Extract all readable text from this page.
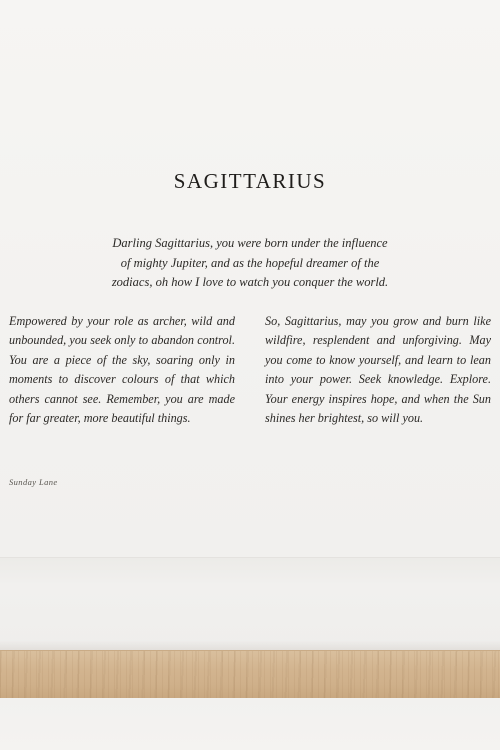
SAGITTARIUS

Darling Sagittarius, you were born under the influence
of mighty Jupiter, and as the hopeful dreamer of the
zodiacs, oh how I love to watch you conquer the world.

Empowered by your role as archer, wild and unbounded, you seek only to abandon control. You are a piece of the sky, soaring only in moments to discover colours of that which others cannot see. Remember, you are made for far greater, more beautiful things.

So, Sagittarius, may you grow and burn like wildfire, resplendent and unforgiving. May you come to know yourself, and learn to lean into your power. Seek knowledge. Explore. Your energy inspires hope, and when the Sun shines her brightest, so will you.

Sunday Lane
